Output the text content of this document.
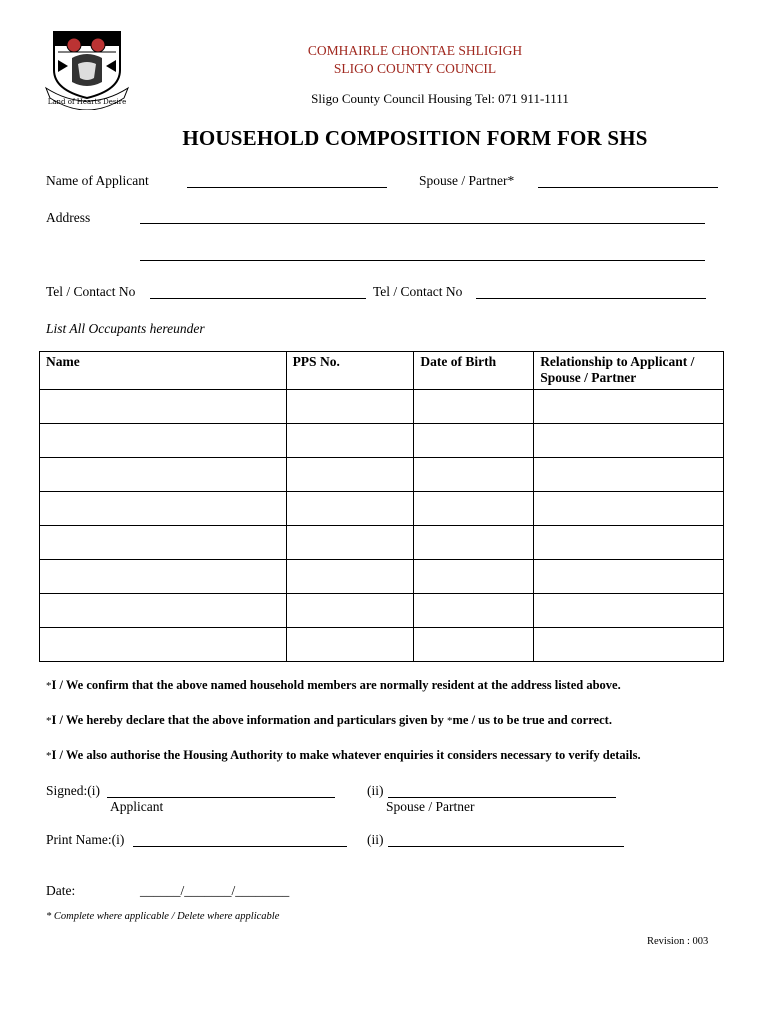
Land of Hearts Desire
COMHAIRLE CHONTAE SHLIGIGH
SLIGO COUNTY COUNCIL
Sligo County Council Housing Tel: 071 911-1111
HOUSEHOLD COMPOSITION FORM FOR SHS
Name of Applicant	Spouse / Partner*
Address
Tel / Contact No	Tel / Contact No
List All Occupants hereunder
Name	PPS No.	Date of Birth	Relationship to Applicant /
Spouse / Partner

*I / We confirm that the above named household members are normally resident at the address listed above.
*I / We hereby declare that the above information and particulars given by *me / us to be true and correct.
*I / We also authorise the Housing Authority to make whatever enquiries it considers necessary to verify details.
Signed:(i)	(ii)
Applicant	Spouse / Partner
Print Name:(i)	(ii)
Date:	______/_______/________
* Complete where applicable / Delete where applicable
Revision : 003
